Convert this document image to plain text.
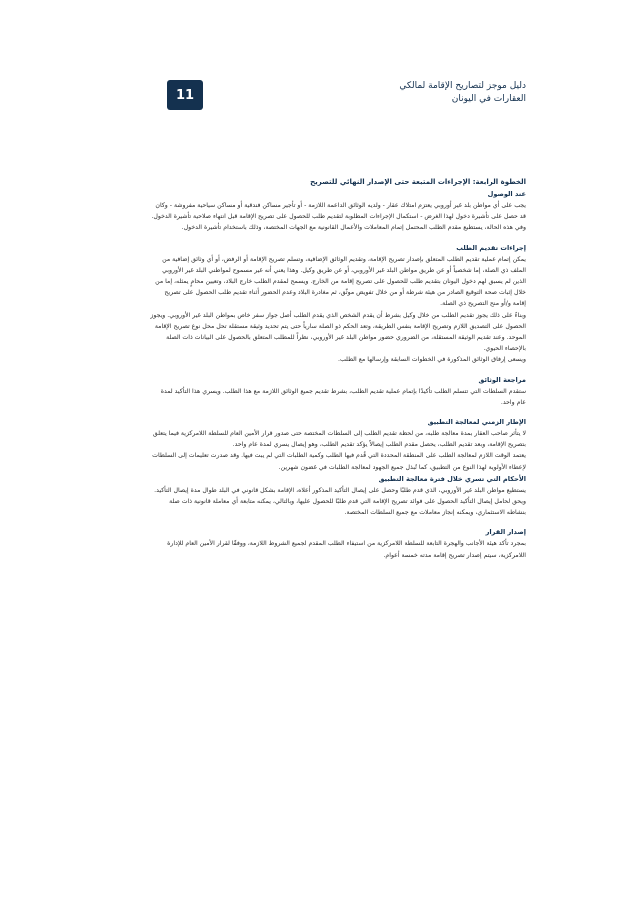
11
دليل موجز لتصاريح الإقامة لمالكي
العقارات في اليونان
الخطوة الرابعة: الإجراءات المتبعة حتى الإصدار النهائي للتصريح
عند الوصول

يجب على أي مواطن بلد غير أوروبي يعتزم امتلاك عقار - ولديه الوثائق الداعمة اللازمة - أو تأجير مساكن فندقية أو مساكن سياحية مفروشة - وكان قد حصل على تأشيرة دخول لهذا الغرض - استكمال الإجراءات المطلوبة لتقديم طلب للحصول على تصريح الإقامة قبل انتهاء صلاحية تأشيرة الدخول. وفي هذه الحالة، يستطيع مقدم الطلب المحتمل إتمام المعاملات والأعمال القانونية مع الجهات المختصة، وذلك باستخدام تأشيرة الدخول.

إجراءات تقديم الطلب

يمكن إتمام عملية تقديم الطلب المتعلق بإصدار تصريح الإقامة، وتقديم الوثائق الإضافية، وتسلم تصريح الإقامة أو الرفض، أو أي وثائق إضافية من الملف ذي الصلة، إما شخصياً أو عن طريق مواطن البلد غير الأوروبي، أو عن طريق وكيل. وهذا يعني أنه غير مسموح لمواطني البلد غير الأوروبي الذين لم يسبق لهم دخول اليونان بتقديم طلب للحصول على تصريح إقامة من الخارج. ويسمح لمقدم الطلب خارج البلاد، وتعيين محامٍ يمثله، إما من خلال إثبات صحة التوقيع الصادر من هيئة شرطة أو من خلال تفويض موثّق، ثم مغادرة البلاد وعدم الحضور أثناء تقديم طلب الحصول على تصريح إقامة و/أو منح التصريح ذي الصلة.

وبناءً على ذلك يجوز تقديم الطلب من خلال وكيل بشرط أن يقدم الشخص الذي يقدم الطلب أصل جواز سفر خاص بمواطن البلد غير الأوروبي. ويجوز الحصول على التصديق اللازم وتصريح الإقامة بنفس الطريقة، وتعد الحكم ذو الصلة سارياً حتى يتم تحديد وثيقة مستقلة تحل محل نوع تصريح الإقامة الموحد. وعند تقديم الوثيقة المستقلة، من الضروري حضور مواطن البلد غير الأوروبي، نظراً للمطلب المتعلق بالحصول على البيانات ذات الصلة بالإحصاء الحيوي.

ويسعى إرفاق الوثائق المذكورة في الخطوات السابقة وإرسالها مع الطلب.

مراجعة الوثائق

ستقدم السلطات التي تتسلم الطلب تأكيدًا بإتمام عملية تقديم الطلب، بشرط تقديم جميع الوثائق اللازمة مع هذا الطلب. ويسري هذا التأكيد لمدة عام واحد.

الإطار الزمني لمعالجة التطبيق

لا يتأثر صاحب العقار بمدة معالجة طلبه، من لحظة تقديم الطلب إلى السلطات المختصة حتى صدور قرار الأمين العام للسلطة اللامركزية فيما يتعلق بتصريح الإقامة، وبعد تقديم الطلب، يحصل مقدم الطلب إيصالاً يؤكد تقديم الطلب، وهو إيصال يسري لمدة عام واحد.

يعتمد الوقت اللازم لمعالجة الطلب على المنطقة المحددة التي قُدم فيها الطلب وكمية الطلبات التي لم يبت فيها. وقد صدرت تعليمات إلى السلطات لإعطاء الأولوية لهذا النوع من التطبيق، كما تُبذل جميع الجهود لمعالجة الطلبات في غضون شهرين.

الأحكام التي تسري خلال فترة معالجة التطبيق

يستطيع مواطن البلد غير الأوروبي، الذي قدم طلبًا وحصل على إيصال التأكيد المذكور أعلاه، الإقامة بشكل قانوني في البلد طوال مدة إيصال التأكيد. ويحق لحامل إيصال التأكيد الحصول على فوائد تصريح الإقامة التي قدم طلبًا للحصول عليها، وبالتالي، يمكنه متابعة أي معاملة قانونية ذات صلة بنشاطه الاستثماري، ويمكنه إنجاز معاملات مع جميع السلطات المختصة.

إصدار القرار

بمجرد تأكد هيئة الأجانب والهجرة التابعة للسلطة اللامركزية من استيفاء الطلب المقدم لجميع الشروط اللازمة، ووفقًا لقرار الأمين العام للإدارة اللامركزية، سيتم إصدار تصريح إقامة مدته خمسة أعوام.
